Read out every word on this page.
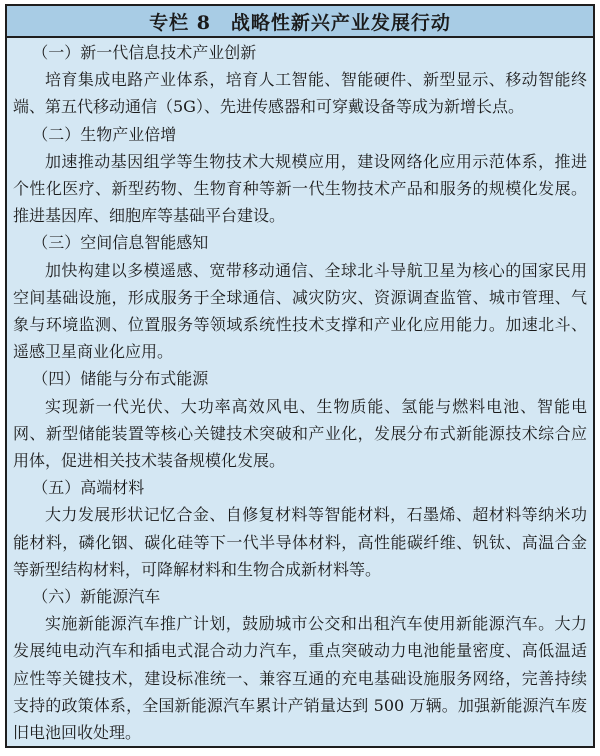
专栏 8　战略性新兴产业发展行动

（一）新一代信息技术产业创新

培育集成电路产业体系，培育人工智能、智能硬件、新型显示、移动智能终端、第五代移动通信（5G）、先进传感器和可穿戴设备等成为新增长点。

（二）生物产业倍增

加速推动基因组学等生物技术大规模应用，建设网络化应用示范体系，推进个性化医疗、新型药物、生物育种等新一代生物技术产品和服务的规模化发展。推进基因库、细胞库等基础平台建设。

（三）空间信息智能感知

加快构建以多模遥感、宽带移动通信、全球北斗导航卫星为核心的国家民用空间基础设施，形成服务于全球通信、减灾防灾、资源调查监管、城市管理、气象与环境监测、位置服务等领域系统性技术支撑和产业化应用能力。加速北斗、遥感卫星商业化应用。

（四）储能与分布式能源

实现新一代光伏、大功率高效风电、生物质能、氢能与燃料电池、智能电网、新型储能装置等核心关键技术突破和产业化，发展分布式新能源技术综合应用体，促进相关技术装备规模化发展。

（五）高端材料

大力发展形状记忆合金、自修复材料等智能材料，石墨烯、超材料等纳米功能材料，磷化铟、碳化硅等下一代半导体材料，高性能碳纤维、钒钛、高温合金等新型结构材料，可降解材料和生物合成新材料等。

（六）新能源汽车

实施新能源汽车推广计划，鼓励城市公交和出租汽车使用新能源汽车。大力发展纯电动汽车和插电式混合动力汽车，重点突破动力电池能量密度、高低温适应性等关键技术，建设标准统一、兼容互通的充电基础设施服务网络，完善持续支持的政策体系，全国新能源汽车累计产销量达到 500 万辆。加强新能源汽车废旧电池回收处理。
